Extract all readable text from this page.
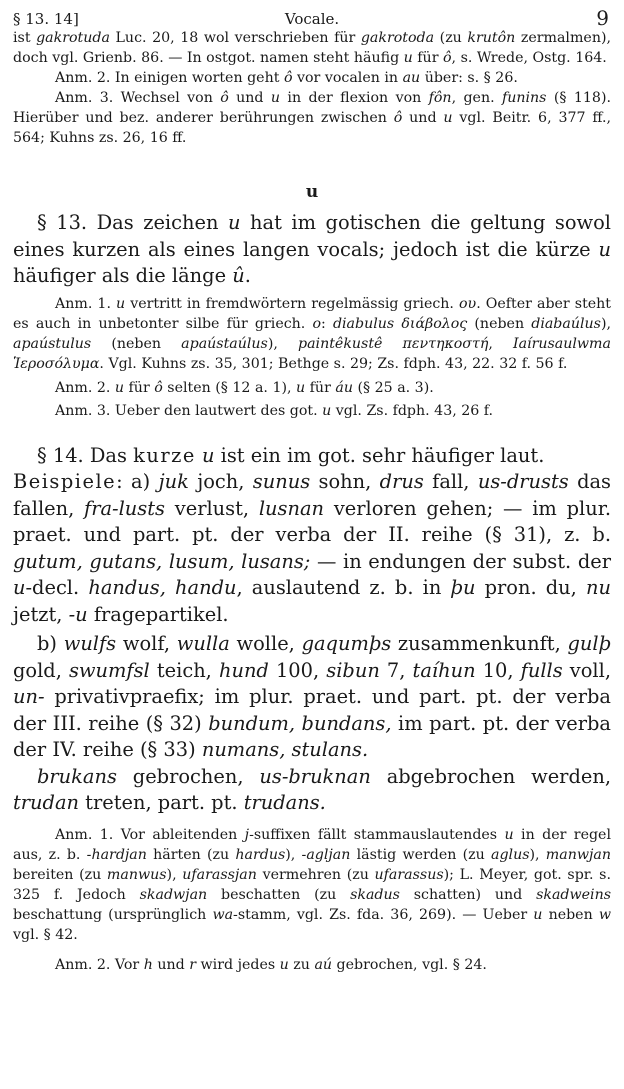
§ 13. 14]	Vocale.	9

ist gakrotuda Luc. 20, 18 wol verschrieben für gakrotoda (zu krutôn zermalmen), doch vgl. Grienb. 86. — In ostgot. namen steht häufig u für ô, s. Wrede, Ostg. 164.

Anm. 2. In einigen worten geht ô vor vocalen in au über: s. § 26.

Anm. 3. Wechsel von ô und u in der flexion von fôn, gen. funins (§ 118). Hierüber und bez. anderer berührungen zwischen ô und u vgl. Beitr. 6, 377 ff., 564; Kuhns zs. 26, 16 ff.

u

§ 13. Das zeichen u hat im gotischen die geltung sowol eines kurzen als eines langen vocals; jedoch ist die kürze u häufiger als die länge û.

Anm. 1. u vertritt in fremdwörtern regelmässig griech. ου. Oefter aber steht es auch in unbetonter silbe für griech. o: diabulus διάβολος (neben diabaúlus), apaústulus (neben apaústaúlus), paintêkustê πεντηκοστή, Iaírusaulwma Ἱεροσόλυμα. Vgl. Kuhns zs. 35, 301; Bethge s. 29; Zs. fdph. 43, 22. 32 f. 56 f.

Anm. 2. u für ô selten (§ 12 a. 1), u für áu (§ 25 a. 3).

Anm. 3. Ueber den lautwert des got. u vgl. Zs. fdph. 43, 26 f.

§ 14. Das kurze u ist ein im got. sehr häufiger laut.

Beispiele: a) juk joch, sunus sohn, drus fall, us-drusts das fallen, fra-lusts verlust, lusnan verloren gehen; — im plur. praet. und part. pt. der verba der II. reihe (§ 31), z. b. gutum, gutans, lusum, lusans; — in endungen der subst. der u-decl. handus, handu, auslautend z. b. in þu pron. du, nu jetzt, -u fragepartikel.

b) wulfs wolf, wulla wolle, gaqumþs zusammenkunft, gulþ gold, swumfsl teich, hund 100, sibun 7, taíhun 10, fulls voll, un- privativpraefix; im plur. praet. und part. pt. der verba der III. reihe (§ 32) bundum, bundans, im part. pt. der verba der IV. reihe (§ 33) numans, stulans.

brukans gebrochen, us-bruknan abgebrochen werden, trudan treten, part. pt. trudans.

Anm. 1. Vor ableitenden j-suffixen fällt stammauslautendes u in der regel aus, z. b. -hardjan härten (zu hardus), -agljan lästig werden (zu aglus), manwjan bereiten (zu manwus), ufarassjan vermehren (zu ufarassus); L. Meyer, got. spr. s. 325 f. Jedoch skadwjan beschatten (zu skadus schatten) und skadweins beschattung (ursprünglich wa-stamm, vgl. Zs. fda. 36, 269). — Ueber u neben w vgl. § 42.

Anm. 2. Vor h und r wird jedes u zu aú gebrochen, vgl. § 24.
